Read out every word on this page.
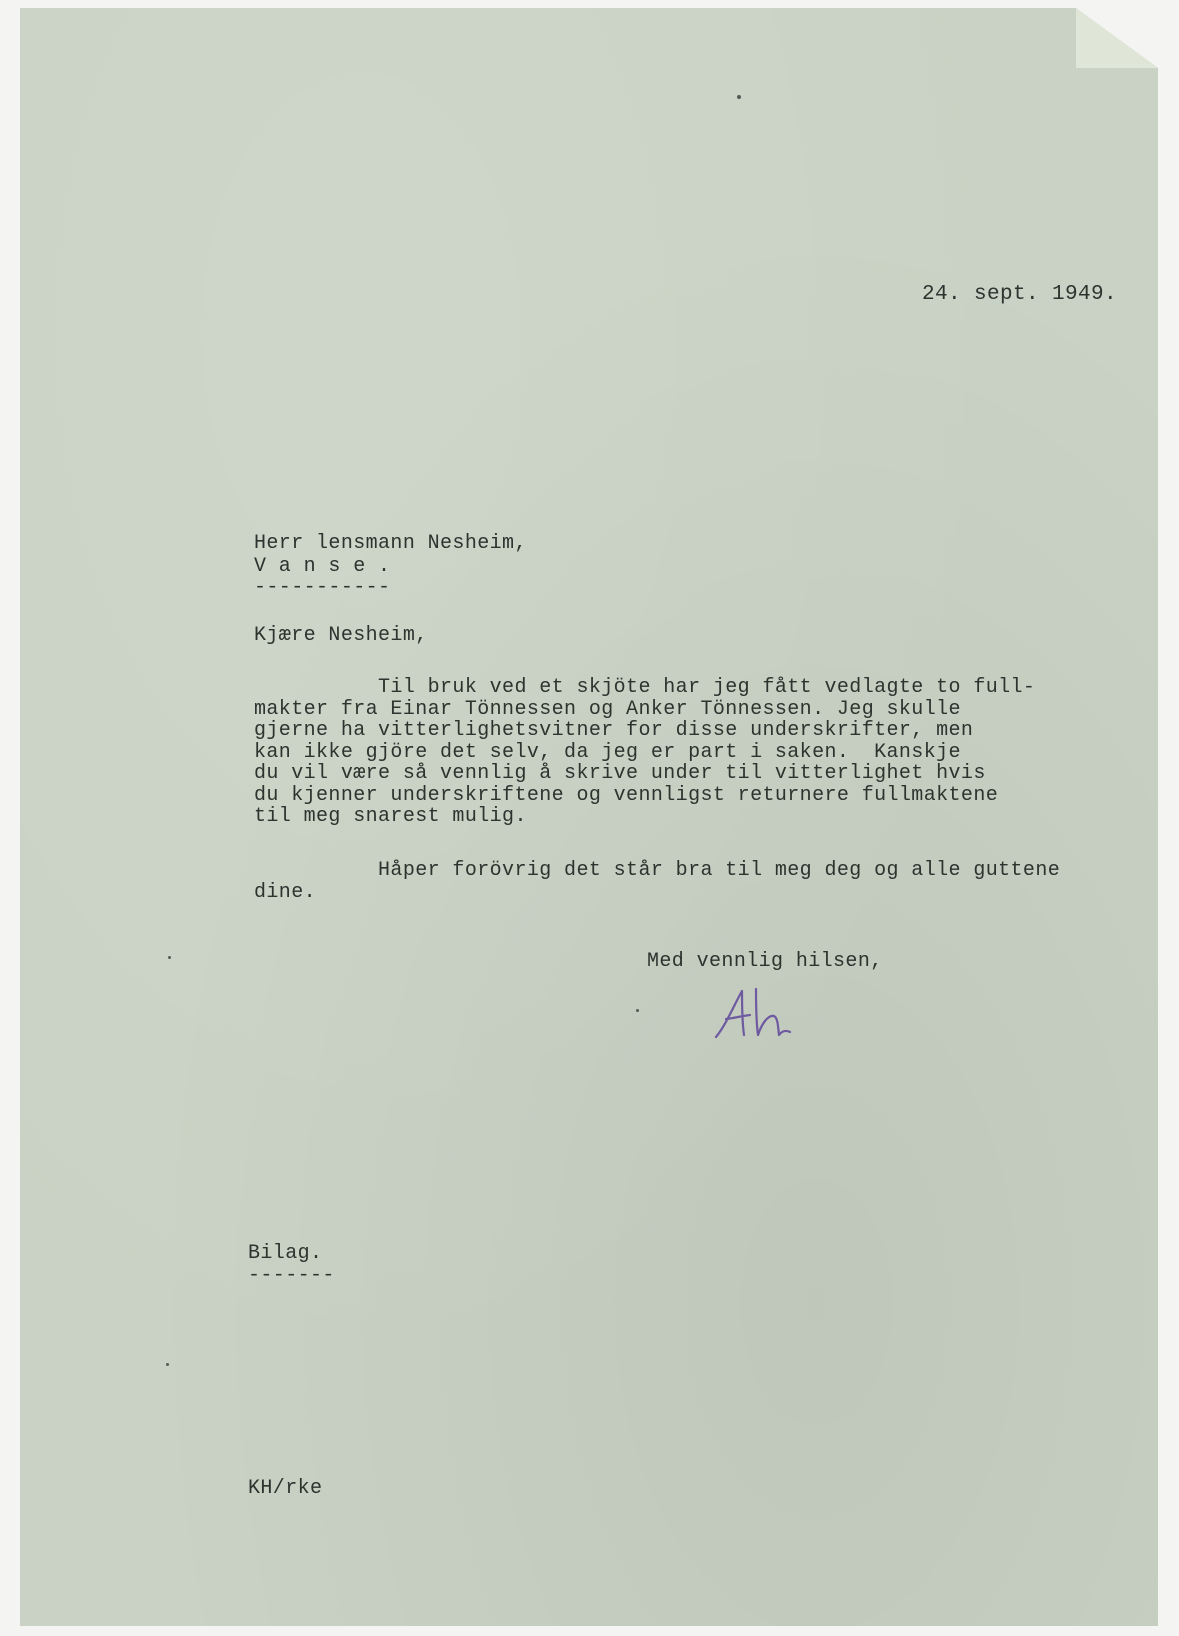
24. sept. 1949.
Herr lensmann Nesheim,
V a n s e .
-----------
Kjære Nesheim,
Til bruk ved et skjöte har jeg fått vedlagte to full-
makter fra Einar Tönnessen og Anker Tönnessen. Jeg skulle
gjerne ha vitterlighetsvitner for disse underskrifter, men
kan ikke gjöre det selv, da jeg er part i saken.  Kanskje
du vil være så vennlig å skrive under til vitterlighet hvis
du kjenner underskriftene og vennligst returnere fullmaktene
til meg snarest mulig.
Håper forövrig det står bra til meg deg og alle guttene
dine.
Med vennlig hilsen,
Bilag.
-------
KH/rke
